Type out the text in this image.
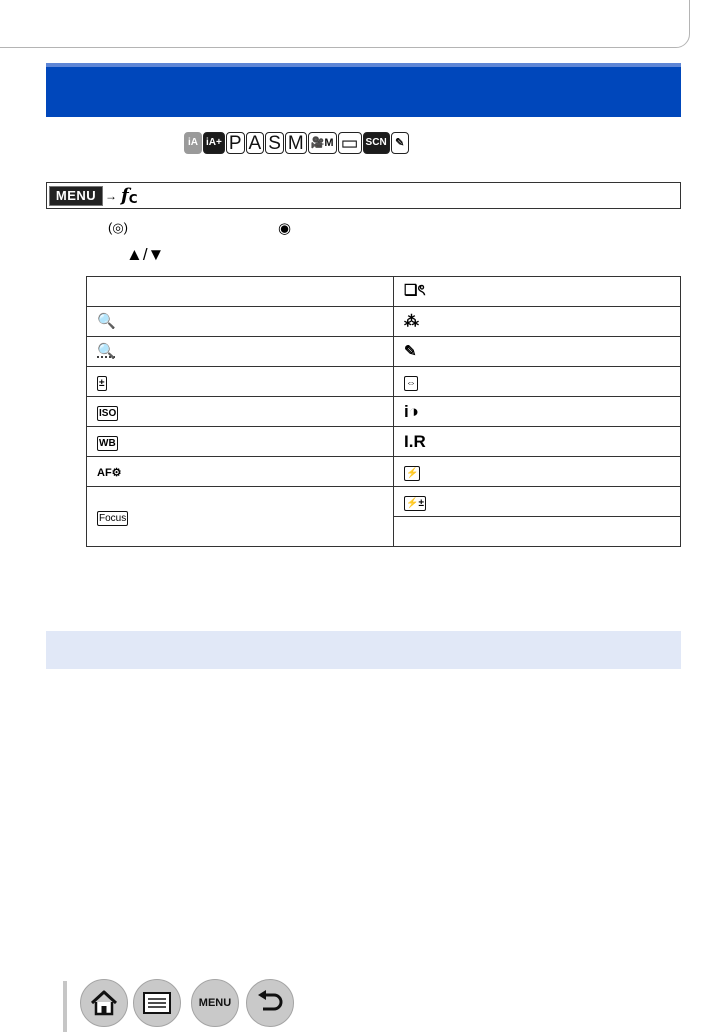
iA iA+ P A S M 🎥M ▭ SCN ✎
MENU → $f_C$
(◎)	◉
▲/▼
	❏ৎ
🔍	⁂
🔍	✎
±	⇔
ISO	i◑
WB	I.R
AF⚙	⚡
Focus	⚡±

MENU
